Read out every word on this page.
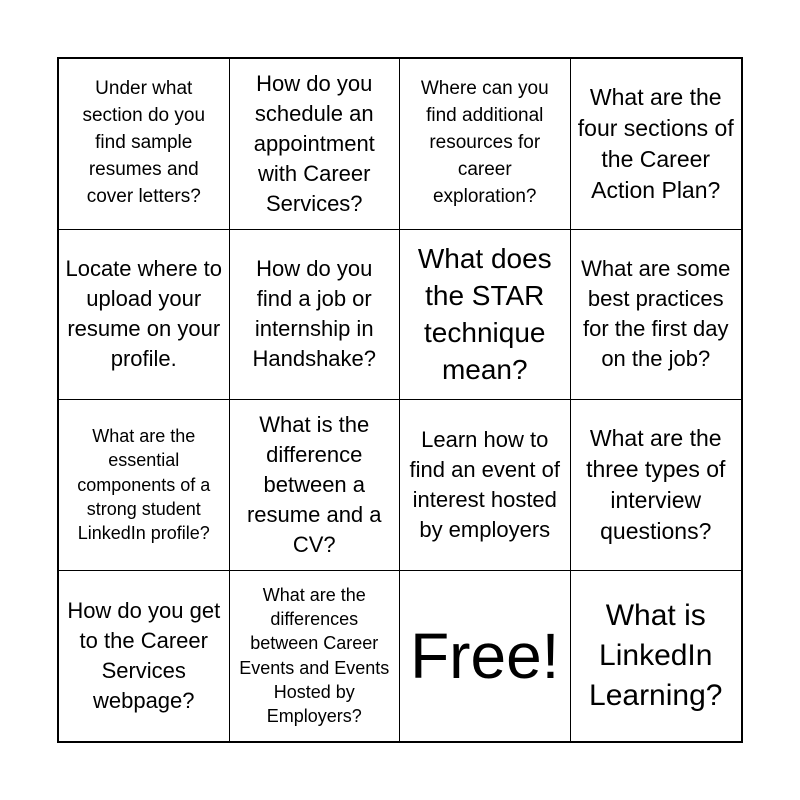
Under what section do you find sample resumes and cover letters?
How do you schedule an appointment with Career Services?
Where can you find additional resources for career exploration?
What are the four sections of the Career Action Plan?
Locate where to upload your resume on your profile.
How do you find a job or internship in Handshake?
What does the STAR technique mean?
What are some best practices for the first day on the job?
What are the essential components of a strong student LinkedIn profile?
What is the difference between a resume and a CV?
Learn how to find an event of interest hosted by employers
What are the three types of interview questions?
How do you get to the Career Services webpage?
What are the differences between Career Events and Events Hosted by Employers?
Free!
What is LinkedIn Learning?
